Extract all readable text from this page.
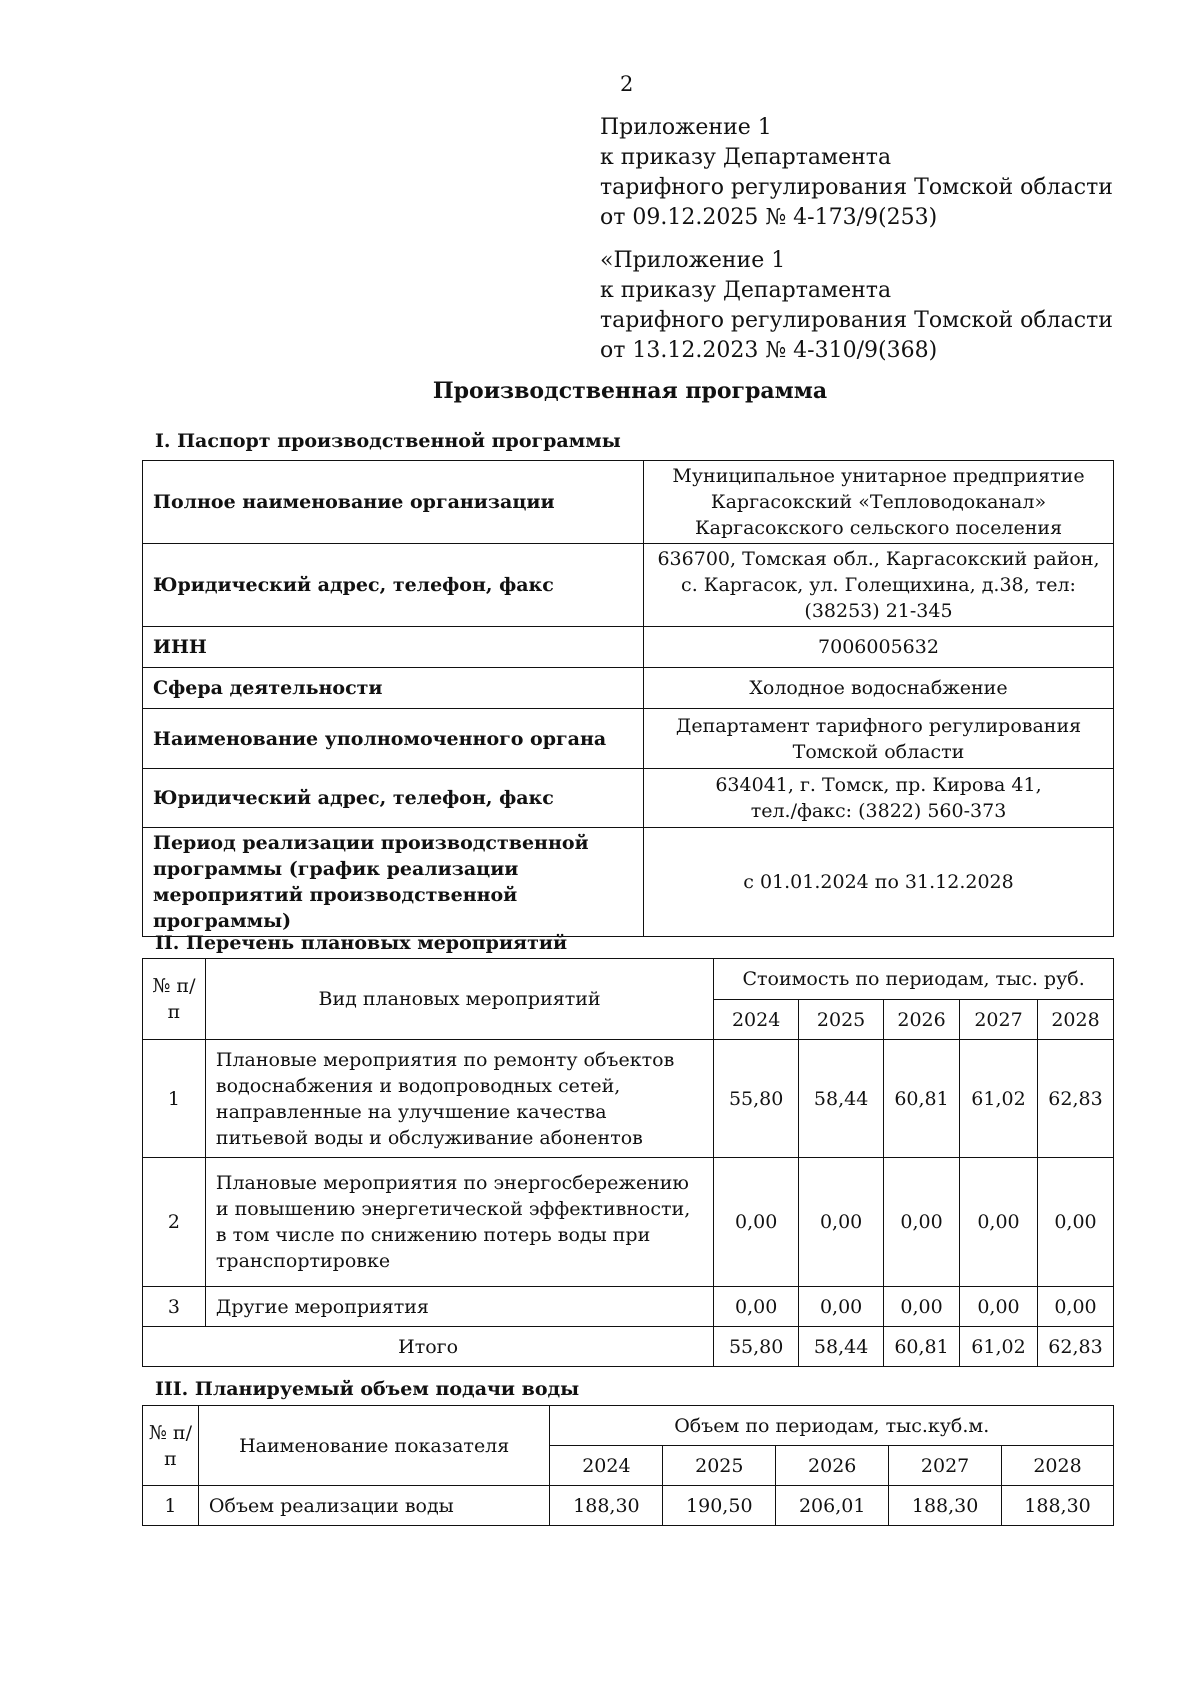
2
Приложение 1
к приказу Департамента
тарифного регулирования Томской области
от 09.12.2025 № 4-173/9(253)
«Приложение 1
к приказу Департамента
тарифного регулирования Томской области
от 13.12.2023 № 4-310/9(368)
Производственная программа
I. Паспорт производственной программы
Полное наименование организации	Муниципальное унитарное предприятие
Каргасокский «Тепловодоканал»
Каргасокского сельского поселения

Юридический адрес, телефон, факс	636700, Томская обл., Каргасокский район,
с. Каргасок, ул. Голещихина, д.38, тел:
(38253) 21-345

ИНН	7006005632

Сфера деятельности	Холодное водоснабжение

Наименование уполномоченного органа	Департамент тарифного регулирования
Томской области

Юридический адрес, телефон, факс	634041, г. Томск, пр. Кирова 41,
тел./факс: (3822) 560-373

Период реализации производственной программы (график реализации мероприятий производственной программы)	с 01.01.2024 по 31.12.2028
II. Перечень плановых мероприятий
№ п/п	Вид плановых мероприятий	Стоимость по периодам, тыс. руб.				
		2024	2025	2026	2027	2028
1	Плановые мероприятия по ремонту объектов водоснабжения и водопроводных сетей, направленные на улучшение качества питьевой воды и обслуживание абонентов	55,80	58,44	60,81	61,02	62,83
2	Плановые мероприятия по энергосбережению и повышению энергетической эффективности, в том числе по снижению потерь воды при транспортировке	0,00	0,00	0,00	0,00	0,00
3	Другие мероприятия	0,00	0,00	0,00	0,00	0,00
Итого		55,80	58,44	60,81	61,02	62,83
III. Планируемый объем подачи воды
№ п/п	Наименование показателя	Объем по периодам, тыс.куб.м.				
		2024	2025	2026	2027	2028
1	Объем реализации воды	188,30	190,50	206,01	188,30	188,30
